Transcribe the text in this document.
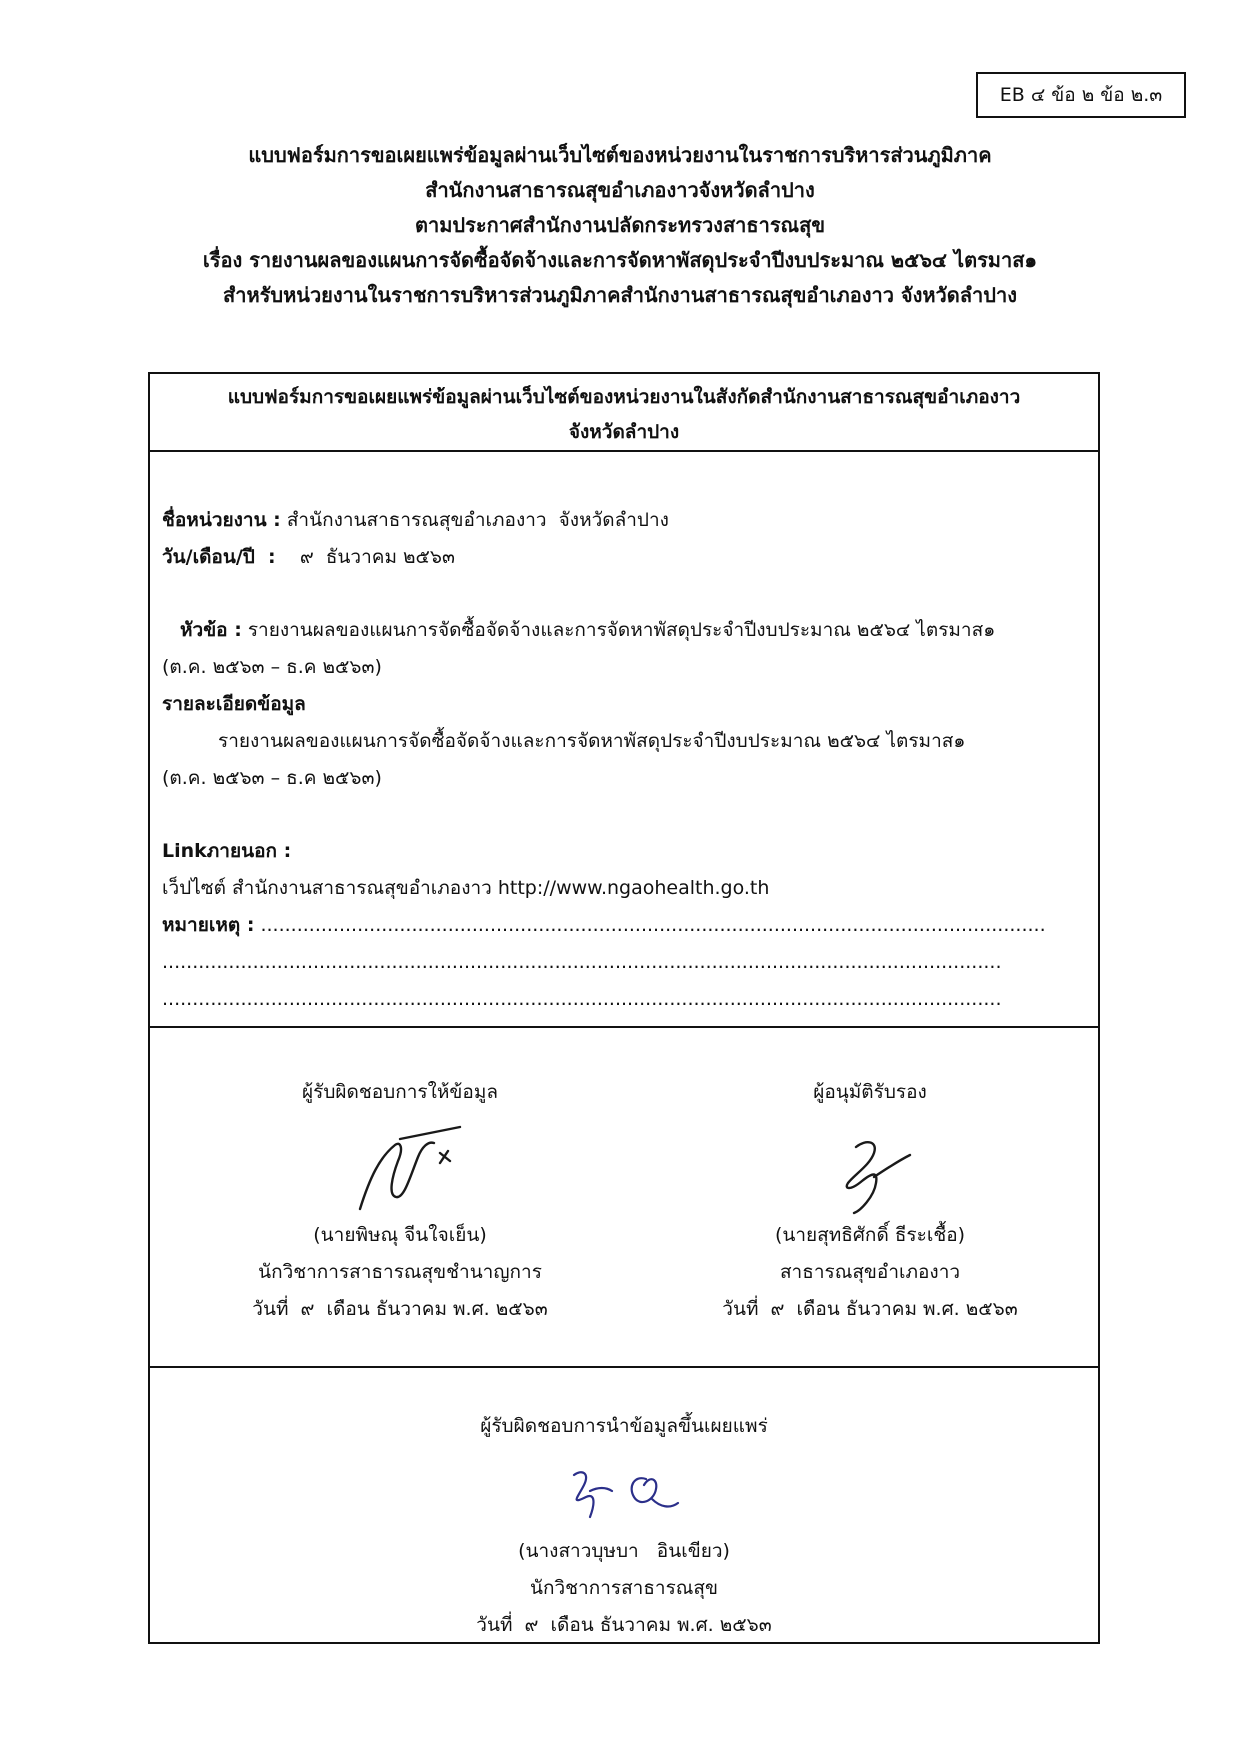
EB ๔ ข้อ ๒ ข้อ ๒.๓
แบบฟอร์มการขอเผยแพร่ข้อมูลผ่านเว็บไซต์ของหน่วยงานในราชการบริหารส่วนภูมิภาค
สำนักงานสาธารณสุขอำเภองาวจังหวัดลำปาง
ตามประกาศสำนักงานปลัดกระทรวงสาธารณสุข
เรื่อง รายงานผลของแผนการจัดซื้อจัดจ้างและการจัดหาพัสดุประจำปีงบประมาณ ๒๕๖๔ ไตรมาส๑
สำหรับหน่วยงานในราชการบริหารส่วนภูมิภาคสำนักงานสาธารณสุขอำเภองาว จังหวัดลำปาง
แบบฟอร์มการขอเผยแพร่ข้อมูลผ่านเว็บไซต์ของหน่วยงานในสังกัดสำนักงานสาธารณสุขอำเภองาว
จังหวัดลำปาง
ชื่อหน่วยงาน : สำนักงานสาธารณสุขอำเภองาว  จังหวัดลำปาง
วัน/เดือน/ปี  :    ๙  ธันวาคม ๒๕๖๓
หัวข้อ : รายงานผลของแผนการจัดซื้อจัดจ้างและการจัดหาพัสดุประจำปีงบประมาณ ๒๕๖๔ ไตรมาส๑
(ต.ค. ๒๕๖๓ – ธ.ค ๒๕๖๓)
รายละเอียดข้อมูล
รายงานผลของแผนการจัดซื้อจัดจ้างและการจัดหาพัสดุประจำปีงบประมาณ ๒๕๖๔ ไตรมาส๑
(ต.ค. ๒๕๖๓ – ธ.ค ๒๕๖๓)
Linkภายนอก :
เว็ปไซต์ สำนักงานสาธารณสุขอำเภองาว http://www.ngaohealth.go.th
หมายเหตุ : ..................................................................................................................................
...........................................................................................................................................
...........................................................................................................................................
ผู้รับผิดชอบการให้ข้อมูล
(นายพิษณุ จีนใจเย็น)
นักวิชาการสาธารณสุขชำนาญการ
วันที่  ๙  เดือน ธันวาคม พ.ศ. ๒๕๖๓
ผู้อนุมัติรับรอง
(นายสุทธิศักดิ์ ธีระเชื้อ)
สาธารณสุขอำเภองาว
วันที่  ๙  เดือน ธันวาคม พ.ศ. ๒๕๖๓
ผู้รับผิดชอบการนำข้อมูลขึ้นเผยแพร่
(นางสาวบุษบา   อินเขียว)
นักวิชาการสาธารณสุข
วันที่  ๙  เดือน ธันวาคม พ.ศ. ๒๕๖๓
